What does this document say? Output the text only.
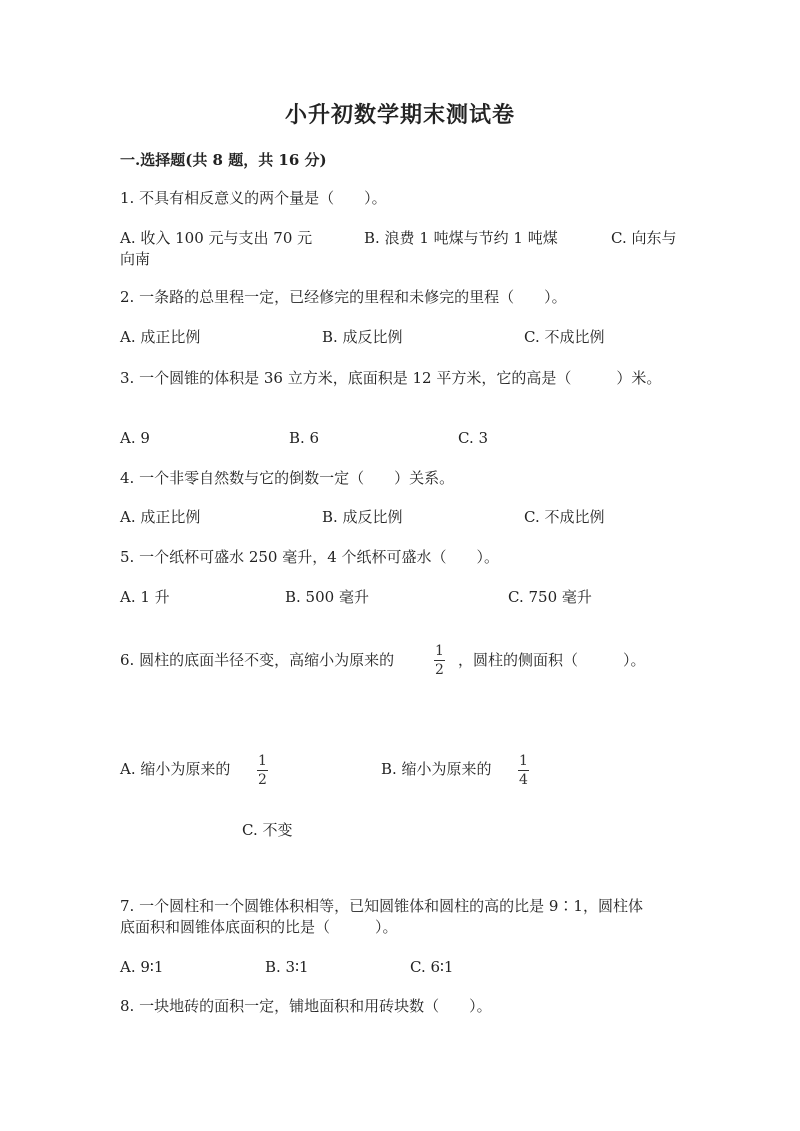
小升初数学期末测试卷
一.选择题(共 8 题，共 16 分)
1. 不具有相反意义的两个量是（　　）。
A. 收入 100 元与支出 70 元	B. 浪费 1 吨煤与节约 1 吨煤	C. 向东与
向南
2. 一条路的总里程一定，已经修完的里程和未修完的里程（　　）。
A. 成正比例	B. 成反比例	C. 不成比例
3. 一个圆锥的体积是 36 立方米，底面积是 12 平方米，它的高是（　　　）米。
A. 9	B. 6	C. 3
4. 一个非零自然数与它的倒数一定（　　）关系。
A. 成正比例	B. 成反比例	C. 不成比例
5. 一个纸杯可盛水 250 毫升，4 个纸杯可盛水（　　）。
A. 1 升	B. 500 毫升	C. 750 毫升
6. 圆柱的底面半径不变，高缩小为原来的	1
2
，圆柱的侧面积（　　　）。
A. 缩小为原来的 1
2
B. 缩小为原来的 1
4
C. 不变
7. 一个圆柱和一个圆锥体积相等，已知圆锥体和圆柱的高的比是 9∶1，圆柱体
底面积和圆锥体底面积的比是（　　　）。
A. 9∶1	B. 3∶1	C. 6∶1
8. 一块地砖的面积一定，铺地面积和用砖块数（　　）。
